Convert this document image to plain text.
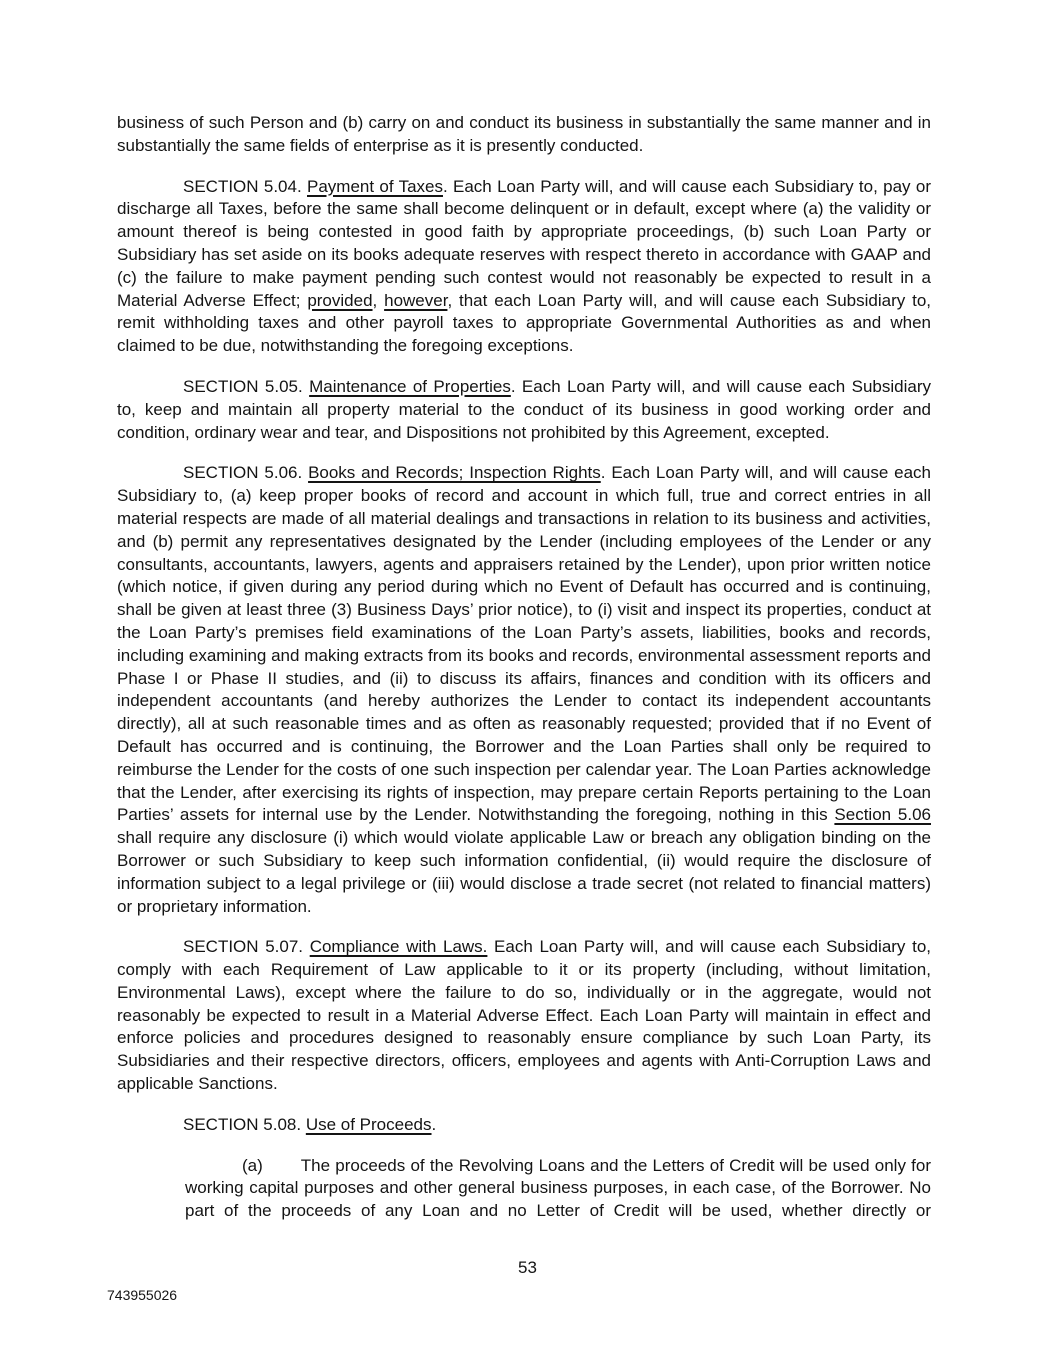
business of such Person and (b) carry on and conduct its business in substantially the same manner and in substantially the same fields of enterprise as it is presently conducted.

SECTION 5.04. Payment of Taxes. Each Loan Party will, and will cause each Subsidiary to, pay or discharge all Taxes, before the same shall become delinquent or in default, except where (a) the validity or amount thereof is being contested in good faith by appropriate proceedings, (b) such Loan Party or Subsidiary has set aside on its books adequate reserves with respect thereto in accordance with GAAP and (c) the failure to make payment pending such contest would not reasonably be expected to result in a Material Adverse Effect; provided, however, that each Loan Party will, and will cause each Subsidiary to, remit withholding taxes and other payroll taxes to appropriate Governmental Authorities as and when claimed to be due, notwithstanding the foregoing exceptions.

SECTION 5.05. Maintenance of Properties. Each Loan Party will, and will cause each Subsidiary to, keep and maintain all property material to the conduct of its business in good working order and condition, ordinary wear and tear, and Dispositions not prohibited by this Agreement, excepted.

SECTION 5.06. Books and Records; Inspection Rights. Each Loan Party will, and will cause each Subsidiary to, (a) keep proper books of record and account in which full, true and correct entries in all material respects are made of all material dealings and transactions in relation to its business and activities, and (b) permit any representatives designated by the Lender (including employees of the Lender or any consultants, accountants, lawyers, agents and appraisers retained by the Lender), upon prior written notice (which notice, if given during any period during which no Event of Default has occurred and is continuing, shall be given at least three (3) Business Days’ prior notice), to (i) visit and inspect its properties, conduct at the Loan Party’s premises field examinations of the Loan Party’s assets, liabilities, books and records, including examining and making extracts from its books and records, environmental assessment reports and Phase I or Phase II studies, and (ii) to discuss its affairs, finances and condition with its officers and independent accountants (and hereby authorizes the Lender to contact its independent accountants directly), all at such reasonable times and as often as reasonably requested; provided that if no Event of Default has occurred and is continuing, the Borrower and the Loan Parties shall only be required to reimburse the Lender for the costs of one such inspection per calendar year. The Loan Parties acknowledge that the Lender, after exercising its rights of inspection, may prepare certain Reports pertaining to the Loan Parties’ assets for internal use by the Lender. Notwithstanding the foregoing, nothing in this Section 5.06 shall require any disclosure (i) which would violate applicable Law or breach any obligation binding on the Borrower or such Subsidiary to keep such information confidential, (ii) would require the disclosure of information subject to a legal privilege or (iii) would disclose a trade secret (not related to financial matters) or proprietary information.

SECTION 5.07. Compliance with Laws. Each Loan Party will, and will cause each Subsidiary to, comply with each Requirement of Law applicable to it or its property (including, without limitation, Environmental Laws), except where the failure to do so, individually or in the aggregate, would not reasonably be expected to result in a Material Adverse Effect. Each Loan Party will maintain in effect and enforce policies and procedures designed to reasonably ensure compliance by such Loan Party, its Subsidiaries and their respective directors, officers, employees and agents with Anti-Corruption Laws and applicable Sanctions.

SECTION 5.08. Use of Proceeds.

(a) The proceeds of the Revolving Loans and the Letters of Credit will be used only for working capital purposes and other general business purposes, in each case, of the Borrower. No part of the proceeds of any Loan and no Letter of Credit will be used, whether directly or

53
743955026
